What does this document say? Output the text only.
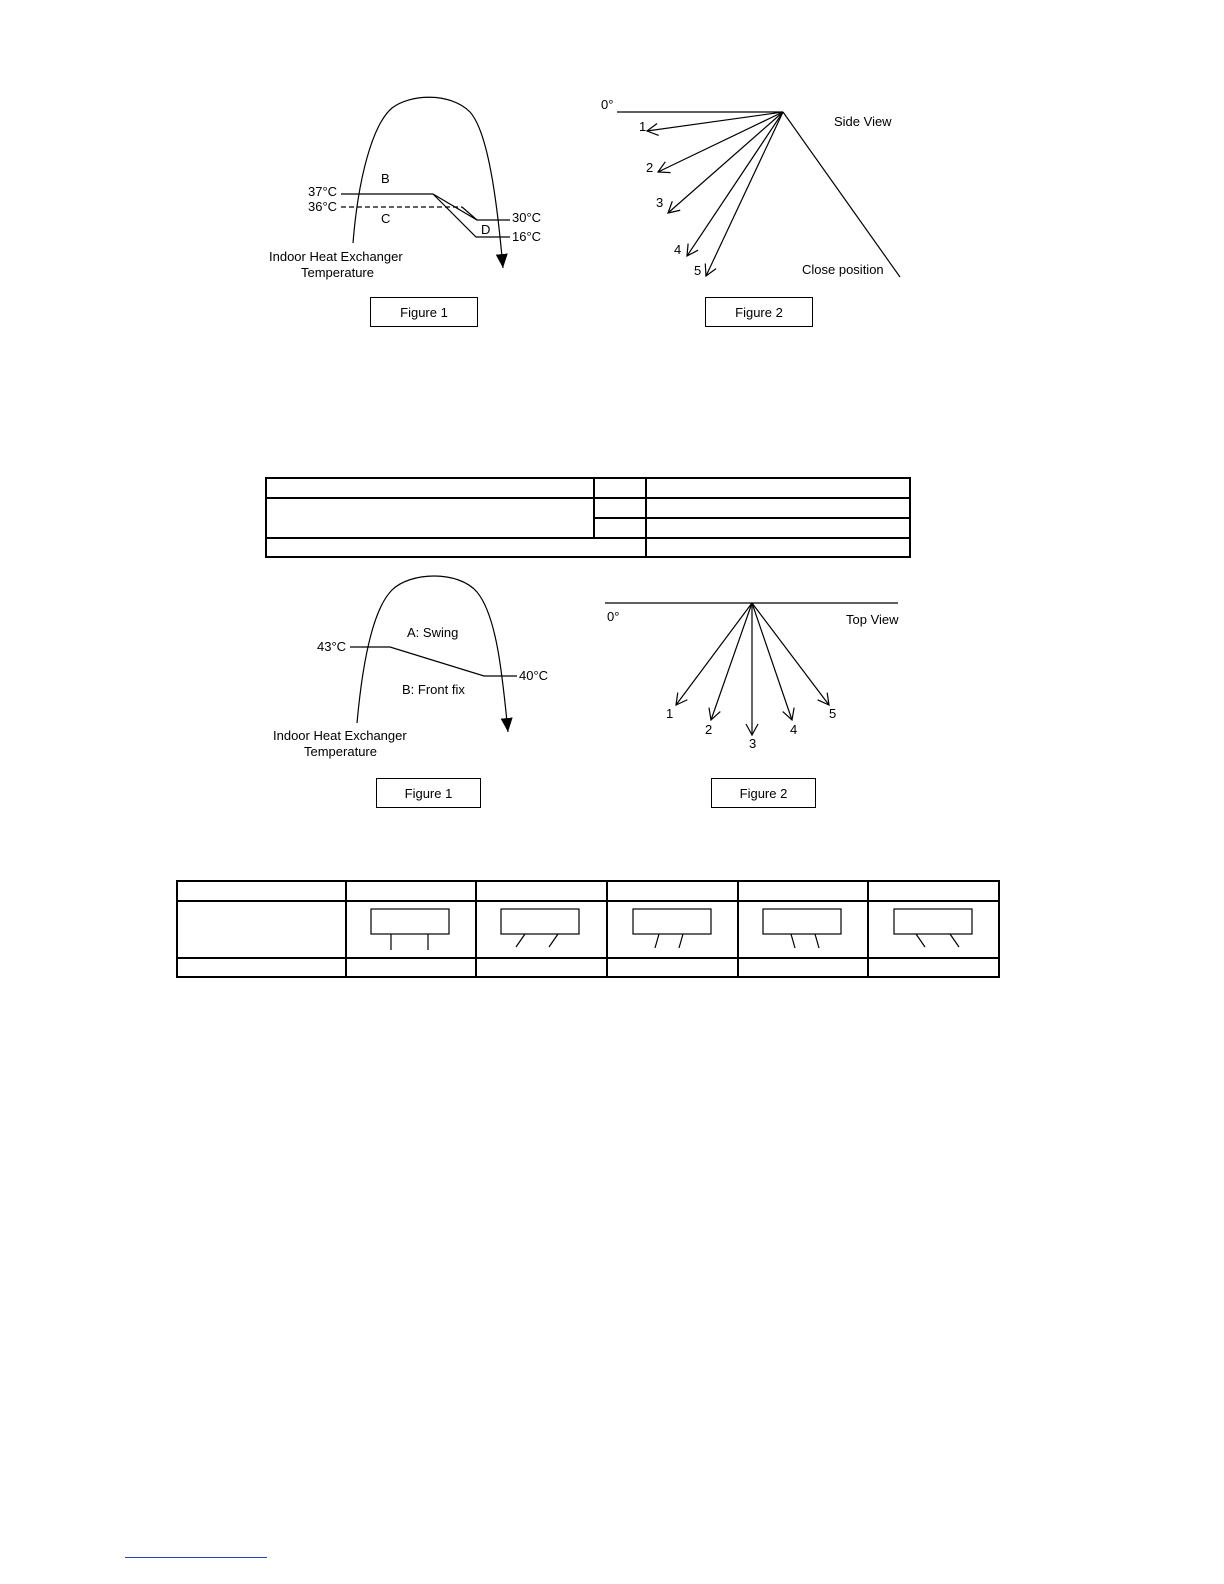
B
C
D
37°C
36°C
30°C
16°C
Indoor Heat Exchanger
Temperature
0°
Side View
Close position
1
2
3
4
5
A: Swing
B: Front fix
43°C
40°C
Indoor Heat Exchanger
Temperature
0°	Top View
1
2
3
4
5
Figure 1	Figure 2
Figure 1	Figure 2
